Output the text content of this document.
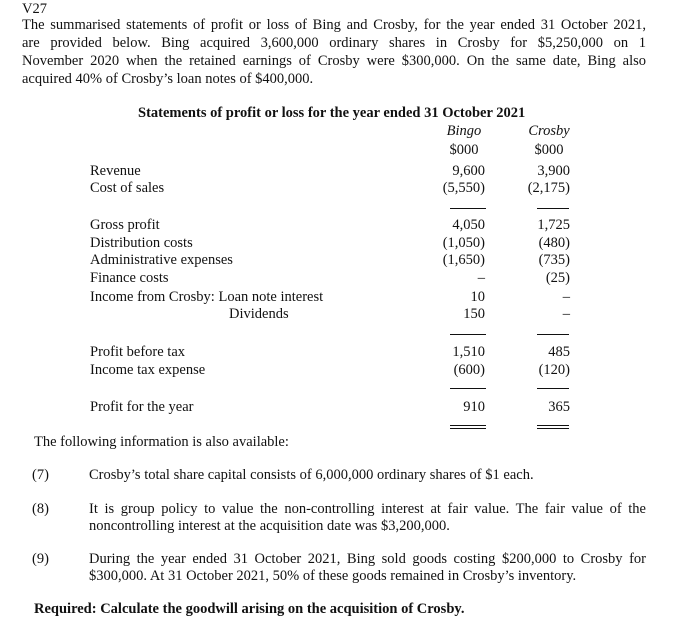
V27
The summarised statements of profit or loss of Bing and Crosby, for the year ended 31 October 2021,
are provided below. Bing acquired 3,600,000 ordinary shares in Crosby for $5,250,000 on 1
November 2020 when the retained earnings of Crosby were $300,000. On the same date, Bing also
acquired 40% of Crosby’s loan notes of $400,000.
Statements of profit or loss for the year ended 31 October 2021
Bingo	Crosby
$000	$000
Revenue	9,600	3,900
Cost of sales	(5,550)	(2,175)
Gross profit	4,050	1,725
Distribution costs	(1,050)	(480)
Administrative expenses	(1,650)	(735)
Finance costs	–	(25)
Income from Crosby: Loan note interest	10	–
Dividends	150	–
Profit before tax	1,510	485
Income tax expense	(600)	(120)
Profit for the year	910	365
The following information is also available:
(7)	Crosby’s total share capital consists of 6,000,000 ordinary shares of $1 each.
(8)	It is group policy to value the non-controlling interest at fair value. The fair value of the
noncontrolling interest at the acquisition date was $3,200,000.
(9)	During the year ended 31 October 2021, Bing sold goods costing $200,000 to Crosby for
$300,000. At 31 October 2021, 50% of these goods remained in Crosby’s inventory.
Required: Calculate the goodwill arising on the acquisition of Crosby.
